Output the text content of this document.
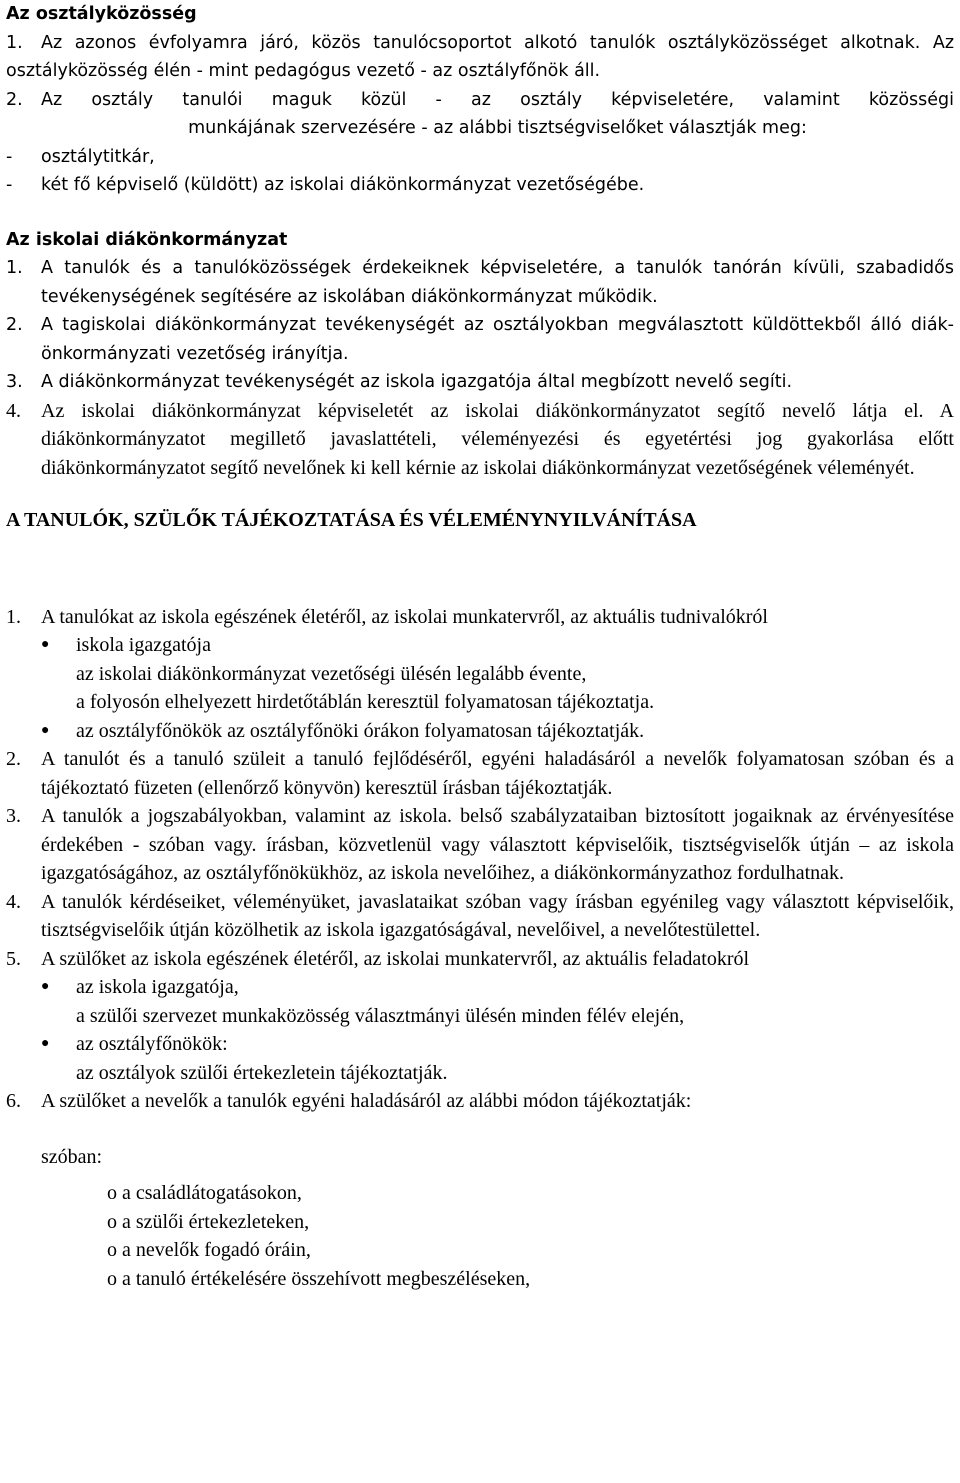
Az osztályközösség
1.	Az azonos évfolyamra járó, közös tanulócsoportot alkotó tanulók osztályközösséget alkotnak. Az osztályközösség élén - mint pedagógus vezető - az osztályfőnök áll.
2.	Az osztály tanulói maguk közül - az osztály képviseletére, valamint közösségi
munkájának szervezésére - az alábbi tisztségviselőket választják meg:
-	osztálytitkár,
-	két fő képviselő (küldött) az iskolai diákönkormányzat vezetőségébe.
Az iskolai diákönkormányzat
1.	A tanulók és a tanulóközösségek érdekeiknek képviseletére, a tanulók tanórán kívüli, szabadidős tevékenységének segítésére az iskolában diákönkormányzat működik.
2.	A tagiskolai diákönkormányzat tevékenységét az osztályokban megválasztott küldöttekből álló diák-önkormányzati vezetőség irányítja.
3.	A diákönkormányzat tevékenységét az iskola igazgatója által megbízott nevelő segíti.
4.	Az iskolai diákönkormányzat képviseletét az iskolai diákönkormányzatot segítő nevelő látja el. A diákönkormányzatot megillető javaslattételi, véleményezési és egyetértési jog gyakorlása előtt diákönkormányzatot segítő nevelőnek ki kell kérnie az iskolai diákönkormányzat vezetőségének véleményét.
A TANULÓK, SZÜLŐK TÁJÉKOZTATÁSA ÉS VÉLEMÉNYNYILVÁNÍTÁSA
1.	A tanulókat az iskola egészének életéről, az iskolai munkatervről, az aktuális tudnivalókról
●	iskola igazgatója
az iskolai diákönkormányzat vezetőségi ülésén legalább évente,
a folyosón elhelyezett hirdetőtáblán keresztül folyamatosan tájékoztatja.
●	az osztályfőnökök az osztályfőnöki órákon folyamatosan tájékoztatják.
2.	A tanulót és a tanuló szüleit a tanuló fejlődéséről, egyéni haladásáról a nevelők folyamatosan szóban és a tájékoztató füzeten (ellenőrző könyvön) keresztül írásban tájékoztatják.
3.	A tanulók a jogszabályokban, valamint az iskola. belső szabályzataiban biztosított jogaiknak az érvényesítése érdekében - szóban vagy. írásban, közvetlenül vagy választott képviselőik, tisztségviselők útján – az iskola igazgatóságához, az osztályfőnökükhöz, az iskola nevelőihez, a diákönkormányzathoz fordulhatnak.
4.	A tanulók kérdéseiket, véleményüket, javaslataikat szóban vagy írásban egyénileg vagy választott képviselőik, tisztségviselőik útján közölhetik az iskola igazgatóságával, nevelőivel, a nevelőtestülettel.
5.	A szülőket az iskola egészének életéről, az iskolai munkatervről, az aktuális feladatokról
●	az iskola igazgatója,
a szülői szervezet munkaközösség választmányi ülésén minden félév elején,
●	az osztályfőnökök:
az osztályok szülői értekezletein tájékoztatják.
6.	A szülőket a nevelők a tanulók egyéni haladásáról az alábbi módon tájékoztatják:
szóban:
o a családlátogatásokon,
o a szülői értekezleteken,
o a nevelők fogadó óráin,
o a tanuló értékelésére összehívott megbeszéléseken,
